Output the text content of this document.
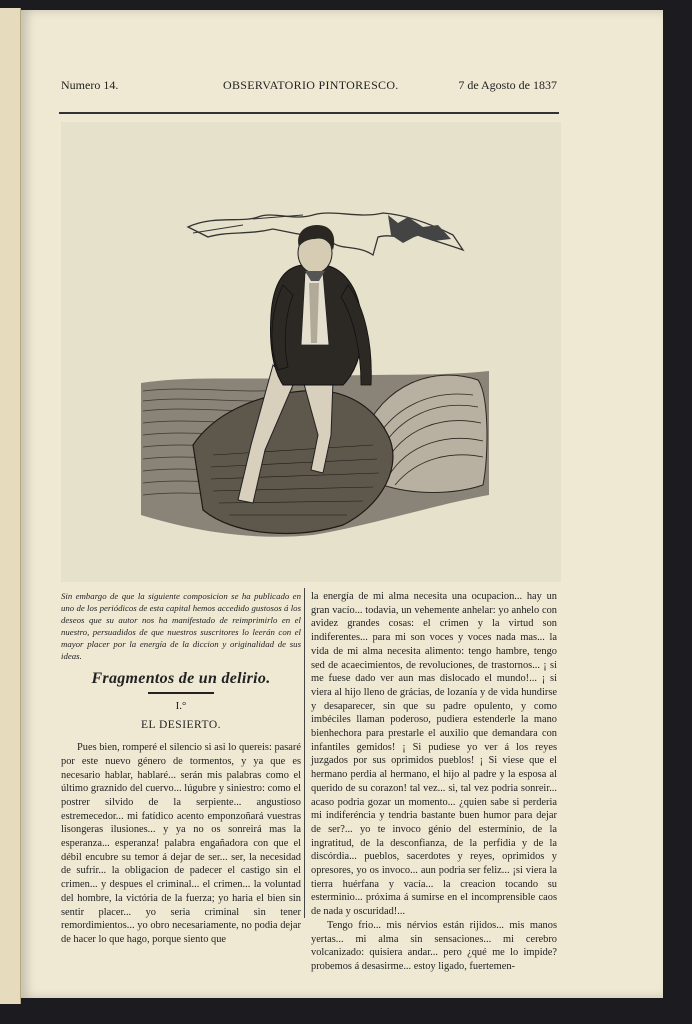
Numero 14.	OBSERVATORIO PINTORESCO.	7 de Agosto de 1837
Sin embargo de que la siguiente composicion se ha publicado en uno de los periódicos de esta capital hemos accedido gustosos á los deseos que su autor nos ha manifestado de reimprimirlo en el nuestro, persuadidos de que nuestros suscritores lo leerán con el mayor placer por la energía de la diccion y originalidad de sus ideas.
Fragmentos de un delirio.
I.°
EL DESIERTO.

Pues bien, romperé el silencio si asi lo quereis: pasaré por este nuevo género de tormentos, y ya que es necesario hablar, hablaré... serán mis palabras como el último graznido del cuervo... lúgubre y siniestro: como el postrer silvido de la serpiente... angustioso estremecedor... mi fatídico acento emponzoñará vuestras lisongeras ilusiones... y ya no os sonreirá mas la esperanza... esperanza! palabra engañadora con que el débil encubre su temor á dejar de ser... ser, la necesidad de sufrir... la obligacion de padecer el castigo sin el crimen... y despues el criminal... el crimen... la voluntad del hombre, la victória de la fuerza; yo haria el bien sin sentir placer... yo seria criminal sin tener remordimientos... yo obro necesariamente, no podia dejar de hacer lo que hago, porque siento que

la energía de mi alma necesita una ocupacion... hay un gran vacío... todavia, un vehemente anhelar: yo anhelo con avidez grandes cosas: el crimen y la virtud son indiferentes... para mi son voces y voces nada mas... la vida de mi alma necesita alimento: tengo hambre, tengo sed de acaecimientos, de revoluciones, de trastornos... ¡ si me fuese dado ver aun mas dislocado el mundo!... ¡ si viera al hijo lleno de grácias, de lozanía y de vida hundirse y desaparecer, sin que su padre opulento, y como imbéciles llaman poderoso, pudiera estenderle la mano bienhechora para prestarle el auxilio que demandara con infantiles gemidos! ¡ Si pudiese yo ver á los reyes juzgados por sus oprimidos pueblos! ¡ Si viese que el hermano perdia al hermano, el hijo al padre y la esposa al querido de su corazon! tal vez... si, tal vez podria sonreir... acaso podria gozar un momento... ¿quien sabe si perderia mi indiferéncia y tendria bastante buen humor para dejar de ser?... yo te invoco génio del estermínio, de la ingratitud, de la desconfianza, de la perfidia y de la discórdia... pueblos, sacerdotes y reyes, oprimidos y opresores, yo os invoco... aun podria ser feliz... ¡si viera la tierra huérfana y vacía... la creacion tocando su esterminio... próxima á sumirse en el incomprensible caos de nada y oscuridad!...

Tengo frio... mis nérvios están rijidos... mis manos yertas... mi alma sin sensaciones... mi cerebro volcanizado: quisiera andar... pero ¿qué me lo impide? probemos á desasirme... estoy ligado, fuertemen-
